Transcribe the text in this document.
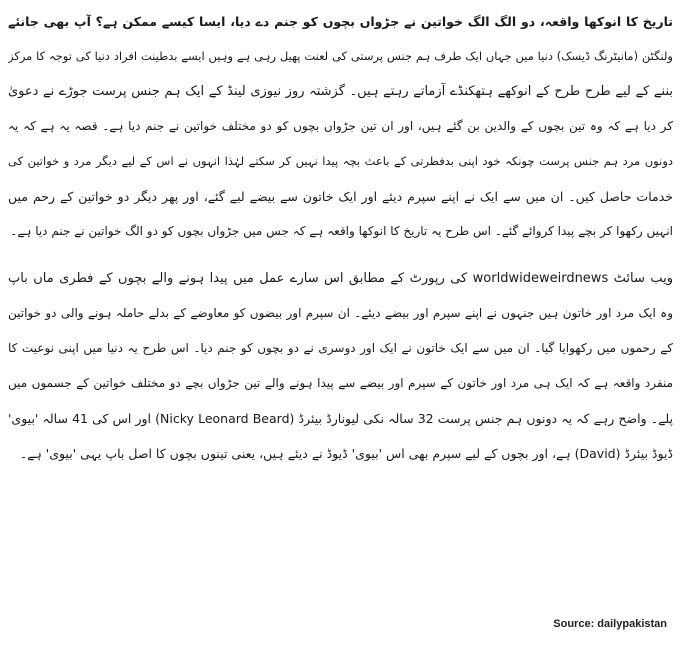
تاریخ کا انوکھا واقعہ، دو الگ الگ خواتین نے جڑواں بچوں کو جنم دے دیا، ایسا کیسے ممکن ہے؟ آپ بھی جانئے
ولنگٹن (مانیٹرنگ ڈیسک) دنیا میں جہاں ایک طرف ہم جنس پرستی کی لعنت پھیل رہی ہے وہیں ایسے بدطینت افراد دنیا کی توجہ کا مرکز
بننے کے لیے طرح طرح کے انوکھے ہتھکنڈے آزماتے رہتے ہیں۔ گزشتہ روز نیوزی لینڈ کے ایک ہم جنس پرست جوڑے نے دعویٰ
کر دیا ہے کہ وہ تین بچوں کے والدین بن گئے ہیں، اور ان تین جڑواں بچوں کو دو مختلف خواتین نے جنم دیا ہے۔ قصہ یہ ہے کہ یہ
دونوں مرد ہم جنس پرست چونکہ خود اپنی بدفطرتی کے باعث بچہ پیدا نہیں کر سکتے لہٰذا انہوں نے اس کے لیے دیگر مرد و خواتین کی
خدمات حاصل کیں۔ ان میں سے ایک نے اپنے سپرم دیئے اور ایک خاتون سے بیضے لیے گئے، اور پھر دیگر دو خواتین کے رحم میں
انہیں رکھوا کر بچے پیدا کروائے گئے۔ اس طرح یہ تاریخ کا انوکھا واقعہ ہے کہ جس میں جڑواں بچوں کو دو الگ خواتین نے جنم دیا ہے۔
ویب سائٹ worldwideweirdnews کی رپورٹ کے مطابق اس سارے عمل میں پیدا ہونے والے بچوں کے فطری ماں باپ
وہ ایک مرد اور خاتون ہیں جنہوں نے اپنے سپرم اور بیضے دیئے۔ ان سپرم اور بیضوں کو معاوضے کے بدلے حاملہ ہونے والی دو خواتین
کے رحموں میں رکھوایا گیا۔ ان میں سے ایک خاتون نے ایک اور دوسری نے دو بچوں کو جنم دیا۔ اس طرح یہ دنیا میں اپنی نوعیت کا
منفرد واقعہ ہے کہ ایک ہی مرد اور خاتون کے سپرم اور بیضے سے پیدا ہونے والے تین جڑواں بچے دو مختلف خواتین کے جسموں میں
پلے۔ واضح رہے کہ یہ دونوں ہم جنس پرست 32 سالہ نکی لیونارڈ بیئرڈ (Nicky Leonard Beard) اور اس کی 41 سالہ 'بیوی'
ڈیوڈ بیئرڈ (David) ہے، اور بچوں کے لیے سپرم بھی اس 'بیوی' ڈیوڈ نے دیئے ہیں، یعنی تینوں بچوں کا اصل باپ یہی 'بیوی' ہے۔
Source: dailypakistan
